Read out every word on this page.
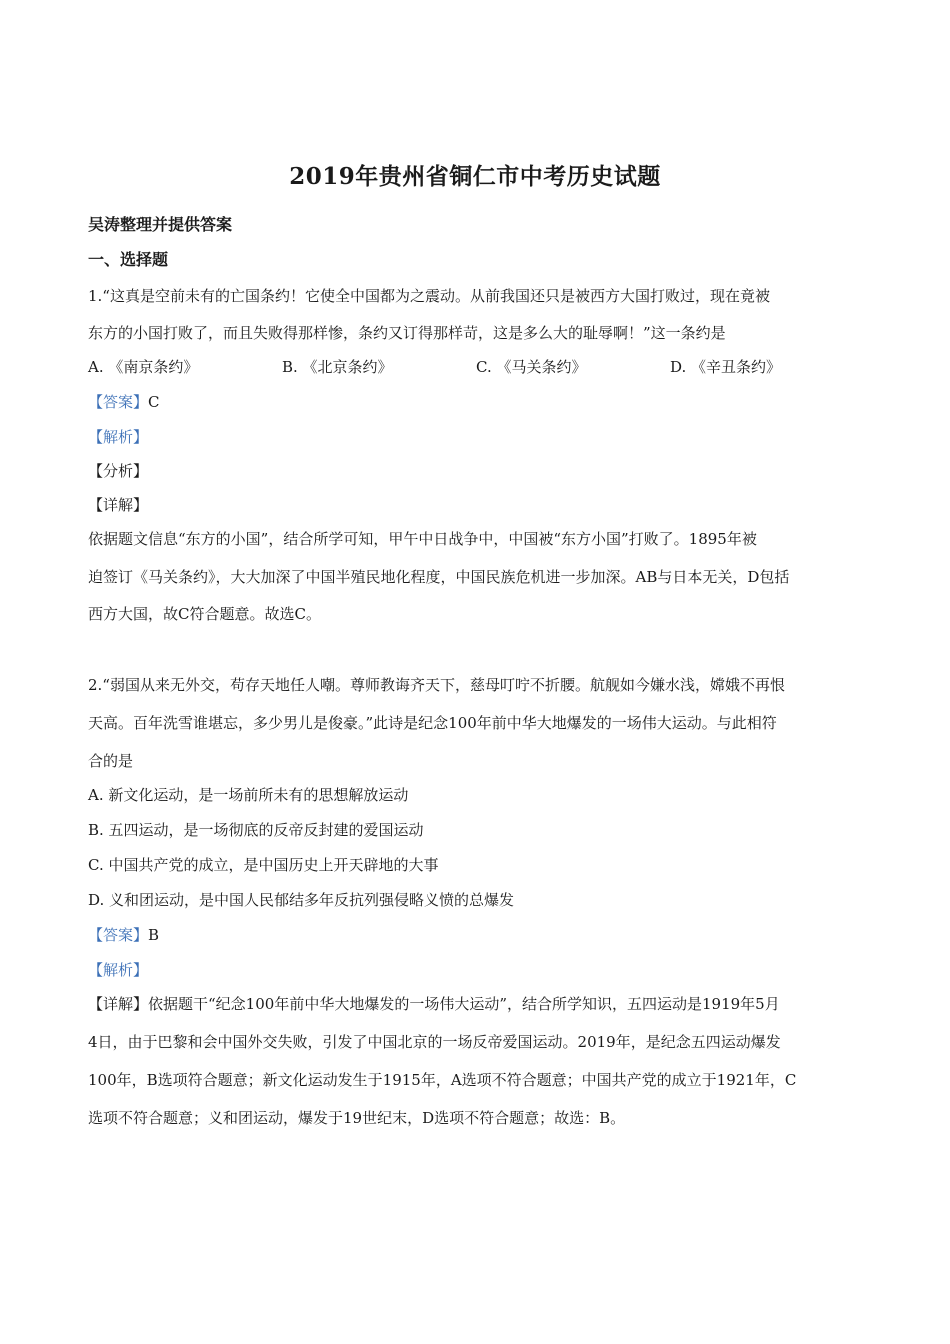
2019年贵州省铜仁市中考历史试题
吴涛整理并提供答案
一、选择题
1.“这真是空前未有的亡国条约！它使全中国都为之震动。从前我国还只是被西方大国打败过，现在竟被
东方的小国打败了，而且失败得那样惨，条约又订得那样苛，这是多么大的耻辱啊！”这一条约是
A. 《南京条约》	B. 《北京条约》	C. 《马关条约》	D. 《辛丑条约》
【答案】C
【解析】
【分析】
【详解】
依据题文信息“东方的小国”，结合所学可知，甲午中日战争中，中国被“东方小国”打败了。1895年被
迫签订《马关条约》，大大加深了中国半殖民地化程度，中国民族危机进一步加深。AB与日本无关，D包括
西方大国，故C符合题意。故选C。
2.“弱国从来无外交，苟存天地任人嘲。尊师教诲齐天下，慈母叮咛不折腰。航舰如今嫌水浅，嫦娥不再恨
天高。百年洗雪谁堪忘，多少男儿是俊豪。”此诗是纪念100年前中华大地爆发的一场伟大运动。与此相符
合的是
A. 新文化运动，是一场前所未有的思想解放运动
B. 五四运动，是一场彻底的反帝反封建的爱国运动
C. 中国共产党的成立，是中国历史上开天辟地的大事
D. 义和团运动，是中国人民郁结多年反抗列强侵略义愤的总爆发
【答案】B
【解析】
【详解】依据题干“纪念100年前中华大地爆发的一场伟大运动”，结合所学知识，五四运动是1919年5月
4日，由于巴黎和会中国外交失败，引发了中国北京的一场反帝爱国运动。2019年，是纪念五四运动爆发
100年，B选项符合题意；新文化运动发生于1915年，A选项不符合题意；中国共产党的成立于1921年，C
选项不符合题意；义和团运动，爆发于19世纪末，D选项不符合题意；故选：B。
